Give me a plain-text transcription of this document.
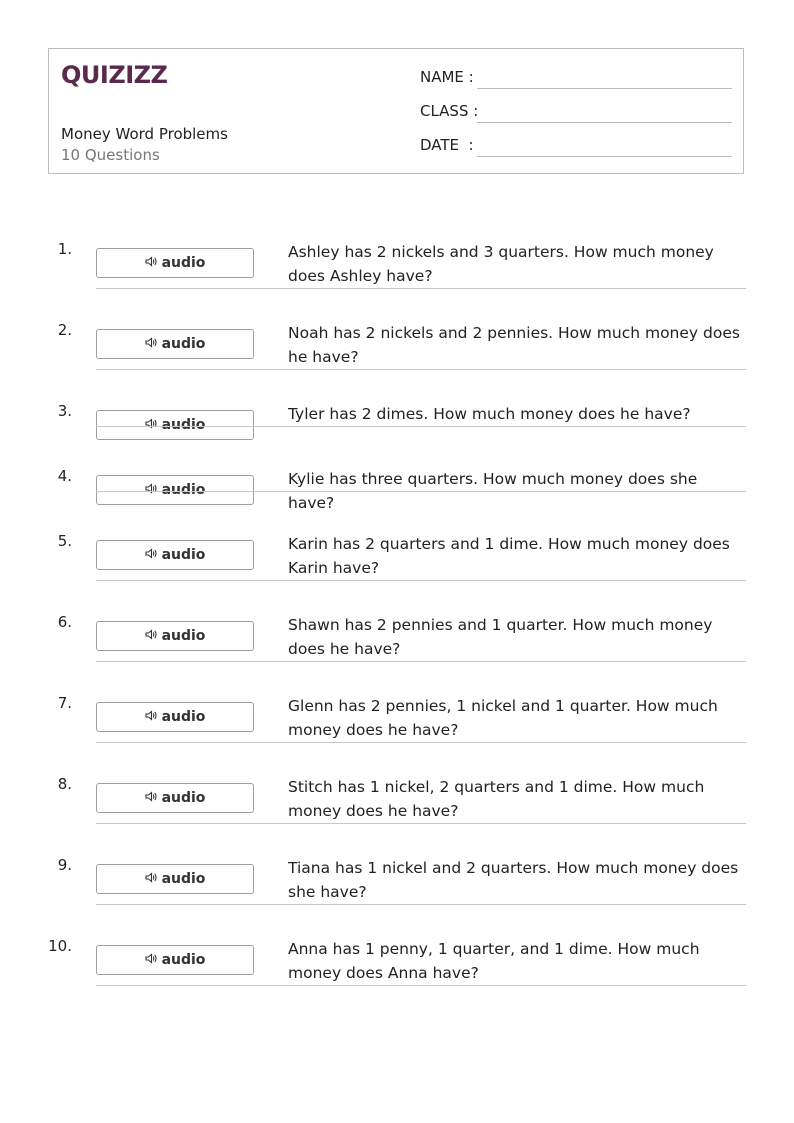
QUIZIZZ
Money Word Problems
10 Questions
NAME :
CLASS :
DATE  :
1.
audio
Ashley has 2 nickels and 3 quarters. How much money does Ashley have?
2.
audio
Noah has 2 nickels and 2 pennies. How much money does he have?
3.
audio
Tyler has 2 dimes. How much money does he have?
4.
audio
Kylie has three quarters. How much money does she have?
5.
audio
Karin has 2 quarters and 1 dime. How much money does Karin have?
6.
audio
Shawn has 2 pennies and 1 quarter. How much money does he have?
7.
audio
Glenn has 2 pennies, 1 nickel and 1 quarter. How much money does he have?
8.
audio
Stitch has 1 nickel, 2 quarters and 1 dime. How much money does he have?
9.
audio
Tiana has 1 nickel and 2 quarters. How much money does she have?
10.
audio
Anna has 1 penny, 1 quarter, and 1 dime. How much money does Anna have?
